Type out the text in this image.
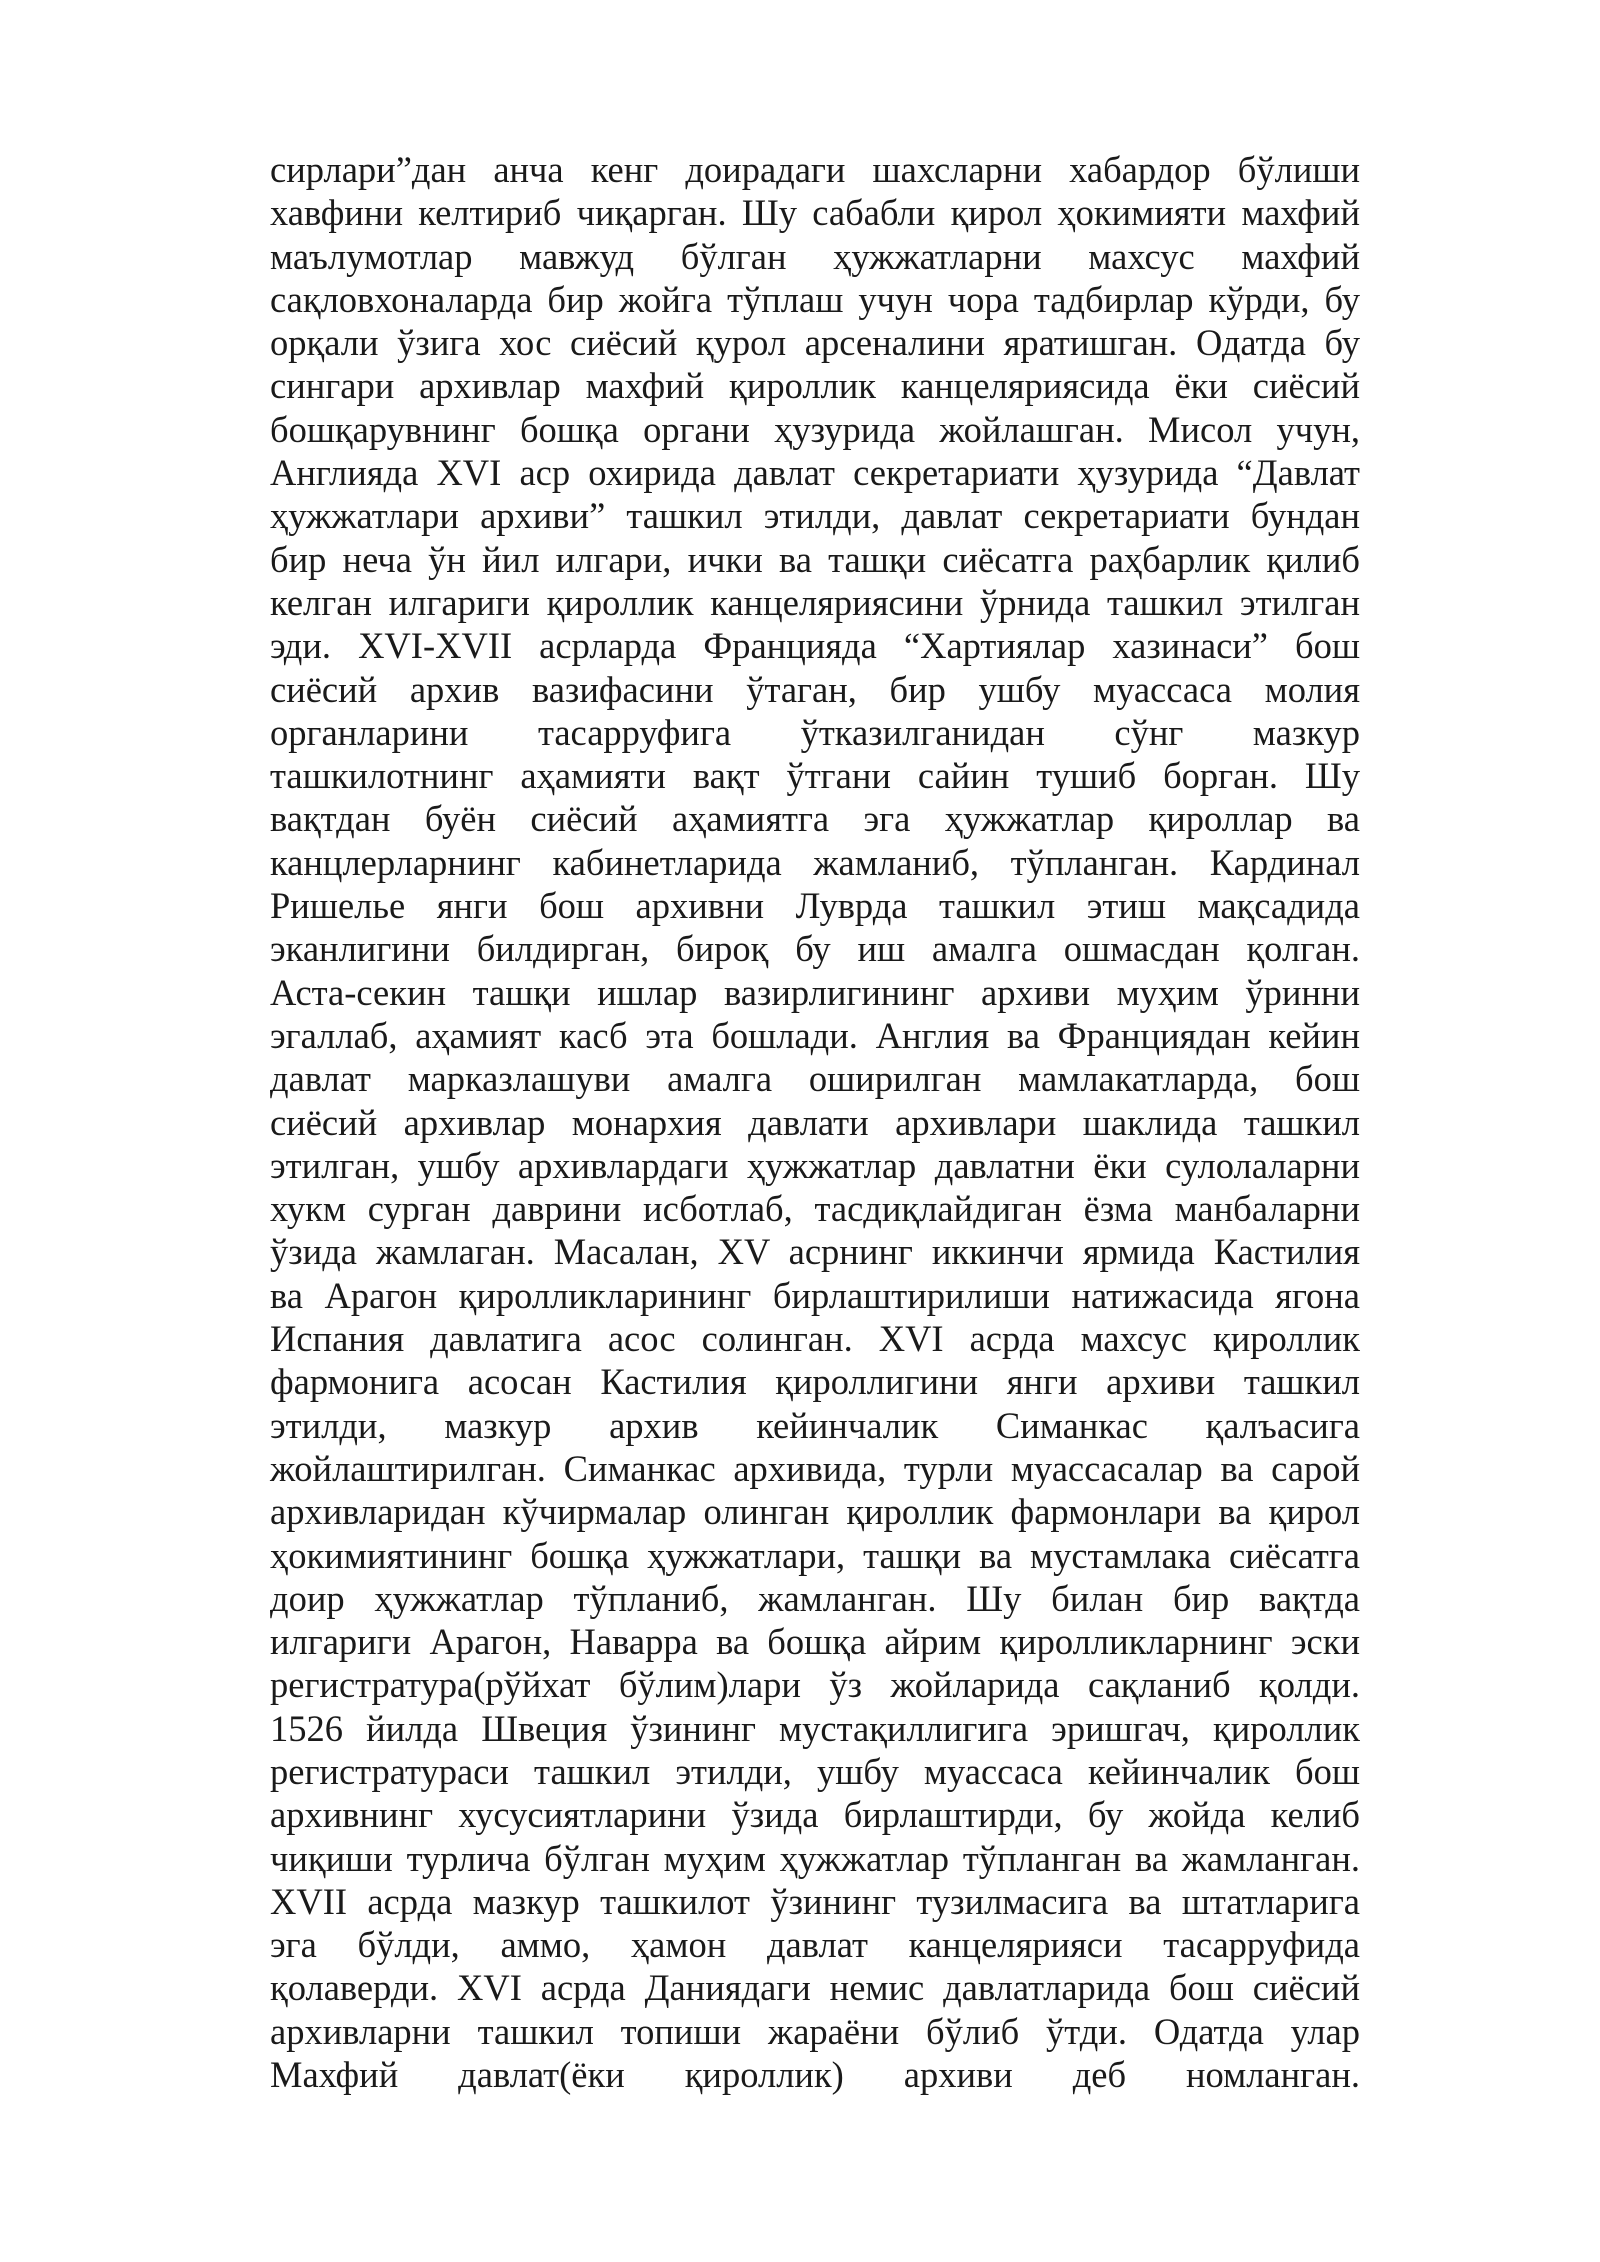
сирлари”дан анча кенг доирадаги шахсларни хабардор бўлиши
хавфини келтириб чиқарган. Шу сабабли қирол ҳокимияти махфий
маълумотлар мавжуд бўлган ҳужжатларни махсус махфий
сақловхоналарда бир жойга тўплаш учун чора тадбирлар кўрди, бу
орқали ўзига хос сиёсий қурол арсеналини яратишган. Одатда бу
сингари архивлар махфий қироллик канцеляриясида ёки сиёсий
бошқарувнинг бошқа органи ҳузурида жойлашган. Мисол учун,
Англияда XVI аср охирида давлат секретариати ҳузурида “Давлат
ҳужжатлари архиви” ташкил этилди, давлат секретариати бундан
бир неча ўн йил илгари, ички ва ташқи сиёсатга раҳбарлик қилиб
келган илгариги қироллик канцеляриясини ўрнида ташкил этилган
эди. XVI-XVII асрларда Францияда “Хартиялар хазинаси” бош
сиёсий архив вазифасини ўтаган, бир ушбу муассаса молия
органларини тасарруфига ўтказилганидан сўнг мазкур
ташкилотнинг аҳамияти вақт ўтгани сайин тушиб борган. Шу
вақтдан буён сиёсий аҳамиятга эга ҳужжатлар қироллар ва
канцлерларнинг кабинетларида жамланиб, тўпланган. Кардинал
Ришелье янги бош архивни Луврда ташкил этиш мақсадида
эканлигини билдирган, бироқ бу иш амалга ошмасдан қолган.
Аста-секин ташқи ишлар вазирлигининг архиви муҳим ўринни
эгаллаб, аҳамият касб эта бошлади. Англия ва Франциядан кейин
давлат марказлашуви амалга оширилган мамлакатларда, бош
сиёсий архивлар монархия давлати архивлари шаклида ташкил
этилган, ушбу архивлардаги ҳужжатлар давлатни ёки сулолаларни
хукм сурган даврини исботлаб, тасдиқлайдиган ёзма манбаларни
ўзида жамлаган. Масалан, XV асрнинг иккинчи ярмида Кастилия
ва Арагон қиролликларининг бирлаштирилиши натижасида ягона
Испания давлатига асос солинган. XVI асрда махсус қироллик
фармонига асосан Кастилия қироллигини янги архиви ташкил
этилди, мазкур архив кейинчалик Симанкас қалъасига
жойлаштирилган. Симанкас архивида, турли муассасалар ва сарой
архивларидан кўчирмалар олинган қироллик фармонлари ва қирол
ҳокимиятининг бошқа ҳужжатлари, ташқи ва мустамлака сиёсатга
доир ҳужжатлар тўпланиб, жамланган. Шу билан бир вақтда
илгариги Арагон, Наварра ва бошқа айрим қиролликларнинг эски
регистратура(рўйхат бўлим)лари ўз жойларида сақланиб қолди.
1526 йилда Швеция ўзининг мустақиллигига эришгач, қироллик
регистратураси ташкил этилди, ушбу муассаса кейинчалик бош
архивнинг хусусиятларини ўзида бирлаштирди, бу жойда келиб
чиқиши турлича бўлган муҳим ҳужжатлар тўпланган ва жамланган.
XVII асрда мазкур ташкилот ўзининг тузилмасига ва штатларига
эга бўлди, аммо, ҳамон давлат канцелярияси тасарруфида
қолаверди. XVI асрда Даниядаги немис давлатларида бош сиёсий
архивларни ташкил топиши жараёни бўлиб ўтди. Одатда улар
Махфий давлат(ёки қироллик) архиви деб номланган.
